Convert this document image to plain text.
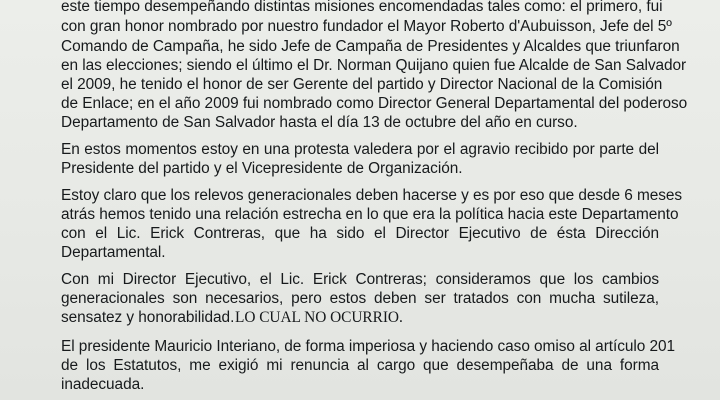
este tiempo desempeñando distintas misiones encomendadas tales como: el primero, fui
con gran honor nombrado por nuestro fundador el Mayor Roberto d'Aubuisson, Jefe del 5º
Comando de Campaña, he sido Jefe de Campaña de Presidentes y Alcaldes que triunfaron
en las elecciones; siendo el último el Dr. Norman Quijano quien fue Alcalde de San Salvador
el 2009, he tenido el honor de ser Gerente del partido y Director Nacional de la Comisión
de Enlace; en el año 2009 fui nombrado como Director General Departamental del poderoso
Departamento de San Salvador hasta el día 13 de octubre del año en curso.
En estos momentos estoy en una protesta valedera por el agravio recibido por parte del
Presidente del partido y el Vicepresidente de Organización.
Estoy claro que los relevos generacionales deben hacerse y es por eso que desde 6 meses
atrás hemos tenido una relación estrecha en lo que era la política hacia este Departamento
con el Lic. Erick Contreras, que ha sido el Director Ejecutivo de ésta Dirección
Departamental.
Con mi Director Ejecutivo, el Lic. Erick Contreras; consideramos que los cambios
generacionales son necesarios, pero estos deben ser tratados con mucha sutileza,
sensatez y honorabilidad. LO CUAL NO OCURRIO.
El presidente Mauricio Interiano, de forma imperiosa y haciendo caso omiso al artículo 201
de los Estatutos, me exigió mi renuncia al cargo que desempeñaba de una forma
inadecuada.
